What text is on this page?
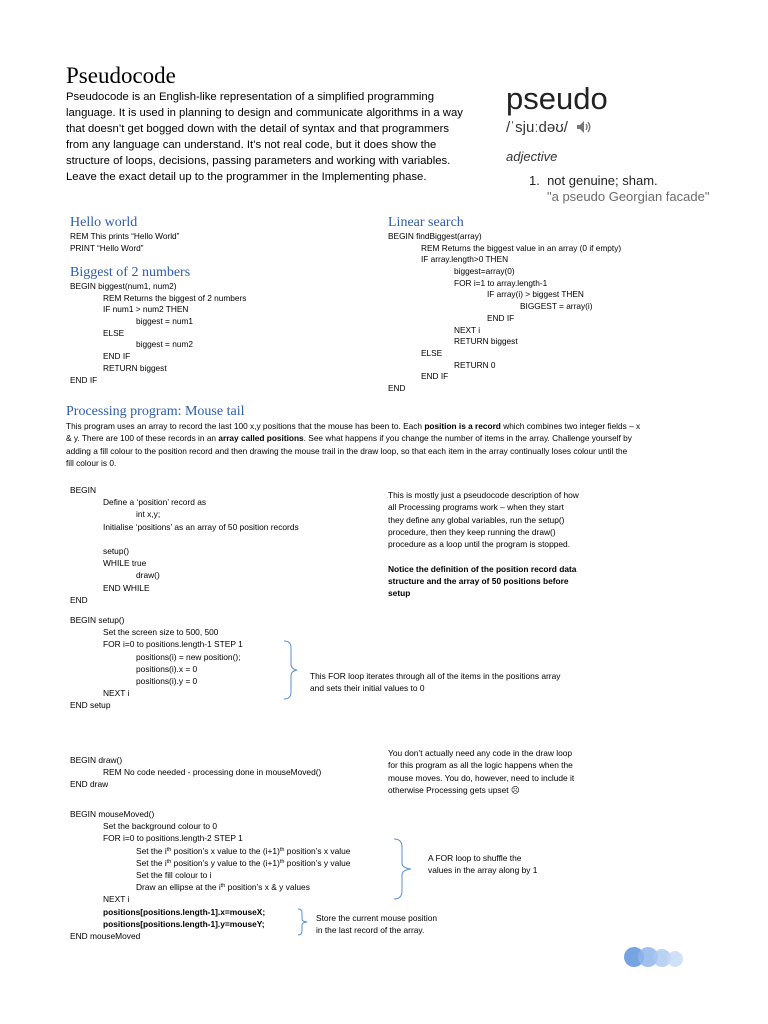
Pseudocode

Pseudocode is an English-like representation of a simplified programming

language. It is used in planning to design and communicate algorithms in a way

that doesn’t get bogged down with the detail of syntax and that programmers

from any language can understand. It’s not real code, but it does show the

structure of loops, decisions, passing parameters and working with variables.

Leave the exact detail up to the programmer in the Implementing phase.

pseudo
/ˈsjuːdəʊ/
adjective
1. not genuine; sham.
"a pseudo Georgian facade"
Hello world
REM This prints “Hello World”
PRINT “Hello Word”
Biggest of 2 numbers
BEGIN biggest(num1, num2)
REM Returns the biggest of 2 numbers
IF num1 > num2 THEN
biggest = num1
ELSE
biggest = num2
END IF
RETURN biggest
END IF
Linear search
BEGIN findBiggest(array)
REM Returns the biggest value in an array (0 if empty)
IF array.length>0 THEN
biggest=array(0)
FOR i=1 to array.length-1
IF array(i) > biggest THEN
BIGGEST = array(i)
END IF
NEXT i
RETURN biggest
ELSE
RETURN 0
END IF
END
Processing program: Mouse tail

This program uses an array to record the last 100 x,y positions that the mouse has been to. Each position is a record which combines two integer fields – x

& y. There are 100 of these records in an array called positions. See what happens if you change the number of items in the array. Challenge yourself by

adding a fill colour to the position record and then drawing the mouse trail in the draw loop, so that each item in the array continually loses colour until the

fill colour is 0.

BEGIN
Define a ‘position’ record as
int x,y;
Initialise ‘positions’ as an array of 50 position records
setup()
WHILE true
draw()
END WHILE
END

This is mostly just a pseudocode description of how

all Processing programs work – when they start

they define any global variables, run the setup()

procedure, then they keep running the draw()

procedure as a loop until the program is stopped.

Notice the definition of the position record data

structure and the array of 50 positions before

setup

BEGIN setup()
Set the screen size to 500, 500
FOR i=0 to positions.length-1 STEP 1
positions(i) = new position();
positions(i).x = 0
positions(i).y = 0
NEXT i
END setup

This FOR loop iterates through all of the items in the positions array

and sets their initial values to 0

BEGIN draw()
REM No code needed - processing done in mouseMoved()
END draw

You don’t actually need any code in the draw loop

for this program as all the logic happens when the

mouse moves. You do, however, need to include it

otherwise Processing gets upset ☹

BEGIN mouseMoved()
Set the background colour to 0
FOR i=0 to positions.length-2 STEP 1
Set the $i^{th}$ position’s x value to the $(i+1)^{th}$ position’s x value
Set the $i^{th}$ position’s y value to the $(i+1)^{th}$ position’s y value
Set the fill colour to i
Draw an ellipse at the $i^{th}$ position’s x & y values
NEXT i
positions[positions.length-1].x=mouseX;
positions[positions.length-1].y=mouseY;
END mouseMoved

A FOR loop to shuffle the

values in the array along by 1

Store the current mouse position

in the last record of the array.
